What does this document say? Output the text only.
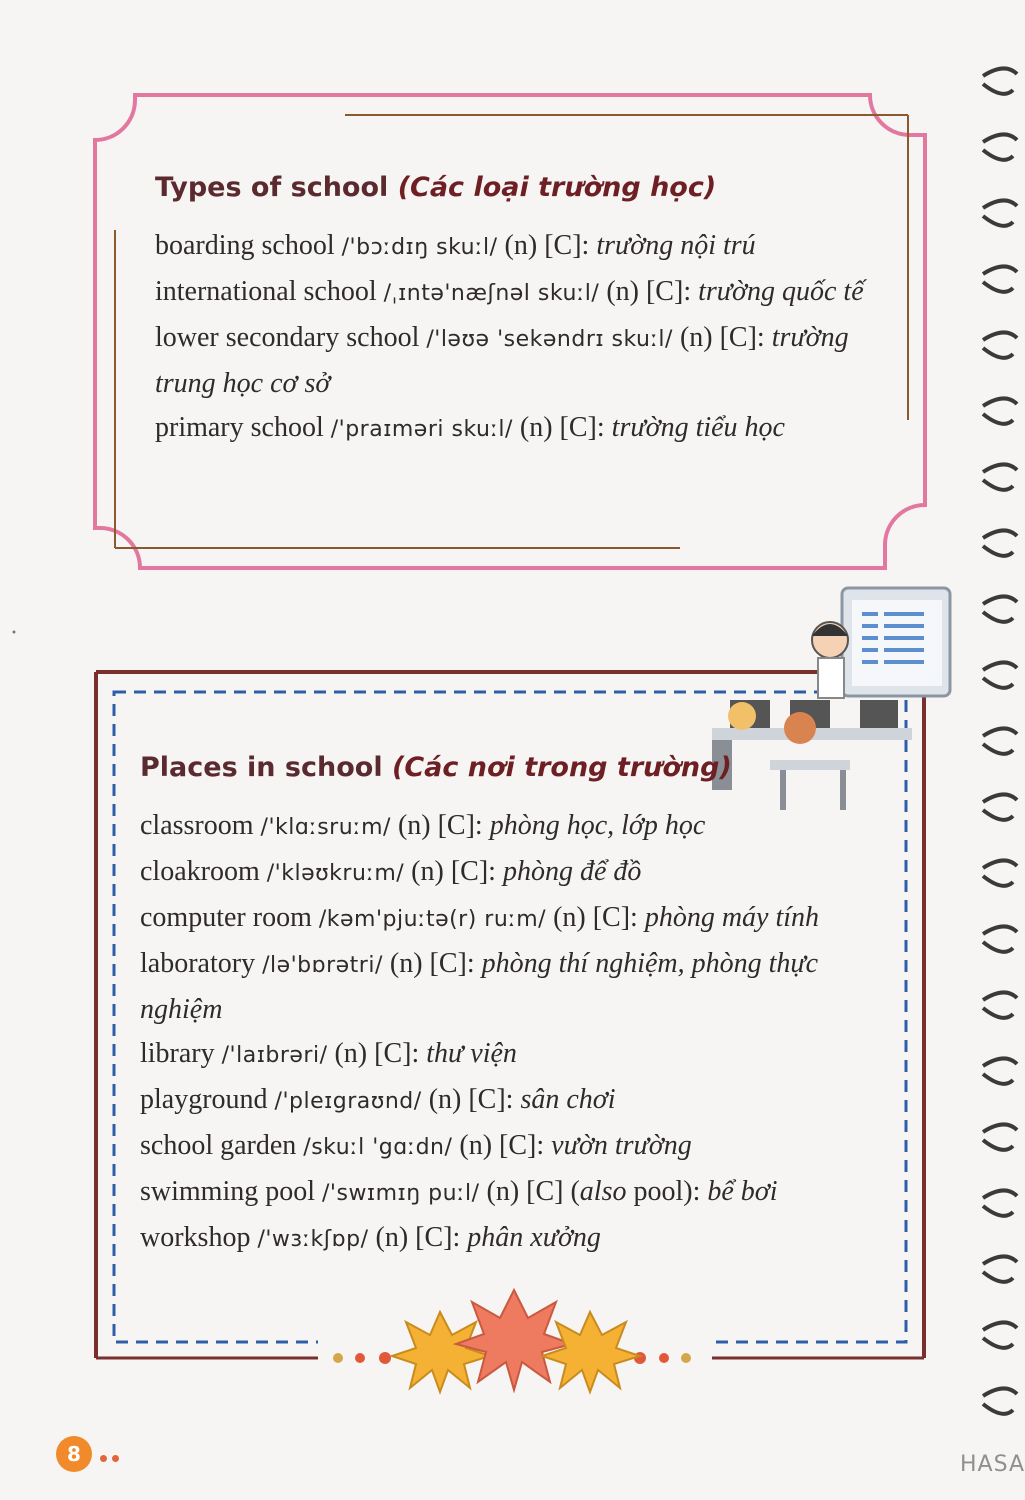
Types of school (Các loại trường học)
boarding school /'bɔːdɪŋ skuːl/ (n) [C]: trường nội trú
international school /ˌɪntə'næʃnəl skuːl/ (n) [C]: trường quốc tế
lower secondary school /'ləʊə 'sekəndrɪ skuːl/ (n) [C]: trường trung học cơ sở
primary school /'praɪməri skuːl/ (n) [C]: trường tiểu học
Places in school (Các nơi trong trường)
classroom /'klɑːsruːm/ (n) [C]: phòng học, lớp học
cloakroom /'kləʊkruːm/ (n) [C]: phòng để đồ
computer room /kəm'pjuːtə(r) ruːm/ (n) [C]: phòng máy tính
laboratory /lə'bɒrətri/ (n) [C]: phòng thí nghiệm, phòng thực nghiệm
library /'laɪbrəri/ (n) [C]: thư viện
playground /'pleɪgraʊnd/ (n) [C]: sân chơi
school garden /skuːl 'gɑːdn/ (n) [C]: vườn trường
swimming pool /'swɪmɪŋ puːl/ (n) [C] (also pool): bể bơi
workshop /'wɜːkʃɒp/ (n) [C]: phân xưởng
8	HASA
